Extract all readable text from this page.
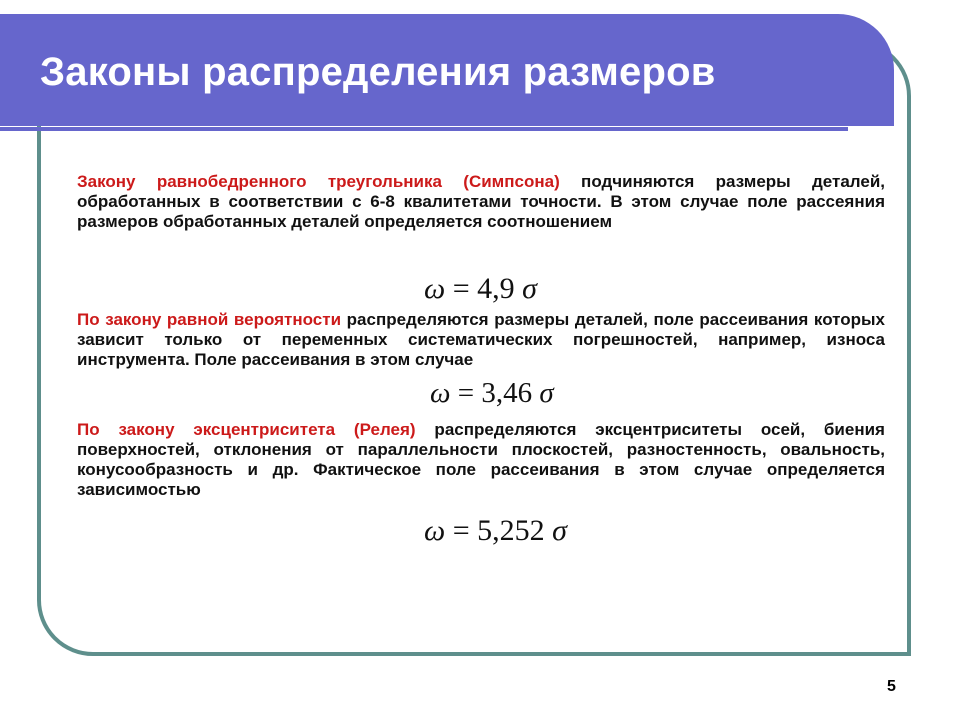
Законы распределения размеров
Закону равнобедренного треугольника (Симпсона) подчиняются размеры деталей, обработанных в соответствии с 6-8 квалитетами точности. В этом случае поле рассеяния размеров обработанных деталей определяется соотношением
ω = 4,9 σ
По закону равной вероятности распределяются размеры деталей, поле рассеивания которых зависит только от переменных систематических погрешностей, например, износа инструмента. Поле рассеивания в этом случае
ω = 3,46 σ
По закону эксцентриситета (Релея) распределяются эксцентриситеты осей, биения поверхностей, отклонения от параллельности плоскостей, разностенность, овальность, конусообразность и др. Фактическое поле рассеивания в этом случае определяется зависимостью
ω = 5,252 σ
5
